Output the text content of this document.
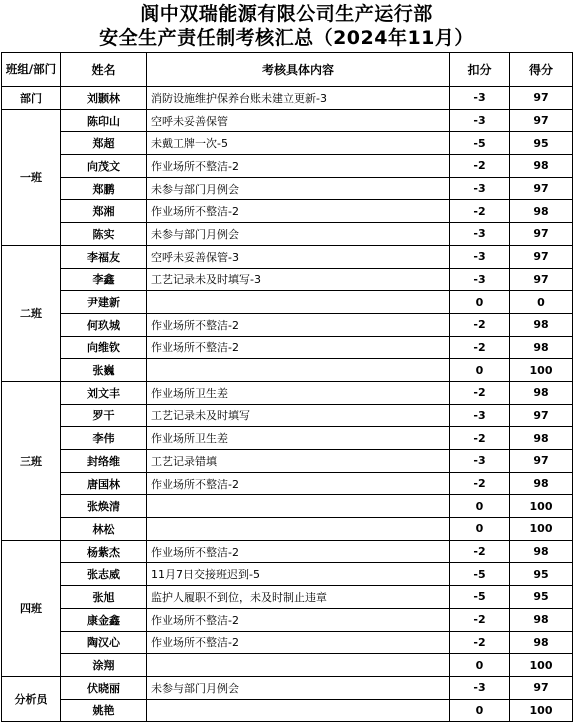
阆中双瑞能源有限公司生产运行部
安全生产责任制考核汇总（2024年11月）
班组/部门	姓名	考核具体内容	扣分	得分
部门	刘颢林	消防设施维护保养台账未建立更新-3	-3	97
一班	陈印山	空呼未妥善保管	-3	97
	郑超	未戴工牌一次-5	-5	95
	向茂文	作业场所不整洁-2	-2	98
	郑鹏	未参与部门月例会	-3	97
	郑湘	作业场所不整洁-2	-2	98
	陈实	未参与部门月例会	-3	97
二班	李福友	空呼未妥善保管-3	-3	97
	李鑫	工艺记录未及时填写-3	-3	97
	尹建新		0	0
	何玖城	作业场所不整洁-2	-2	98
	向维钦	作业场所不整洁-2	-2	98
	张巍		0	100
三班	刘文丰	作业场所卫生差	-2	98
	罗干	工艺记录未及时填写	-3	97
	李伟	作业场所卫生差	-2	98
	封络维	工艺记录错填	-3	97
	唐国林	作业场所不整洁-2	-2	98
	张焕清		0	100
	林松		0	100
四班	杨紫杰	作业场所不整洁-2	-2	98
	张志威	11月7日交接班迟到-5	-5	95
	张旭	监护人履职不到位，未及时制止违章	-5	95
	康金鑫	作业场所不整洁-2	-2	98
	陶汉心	作业场所不整洁-2	-2	98
	涂翔		0	100
分析员	伏晓丽	未参与部门月例会	-3	97
	姚艳		0	100
